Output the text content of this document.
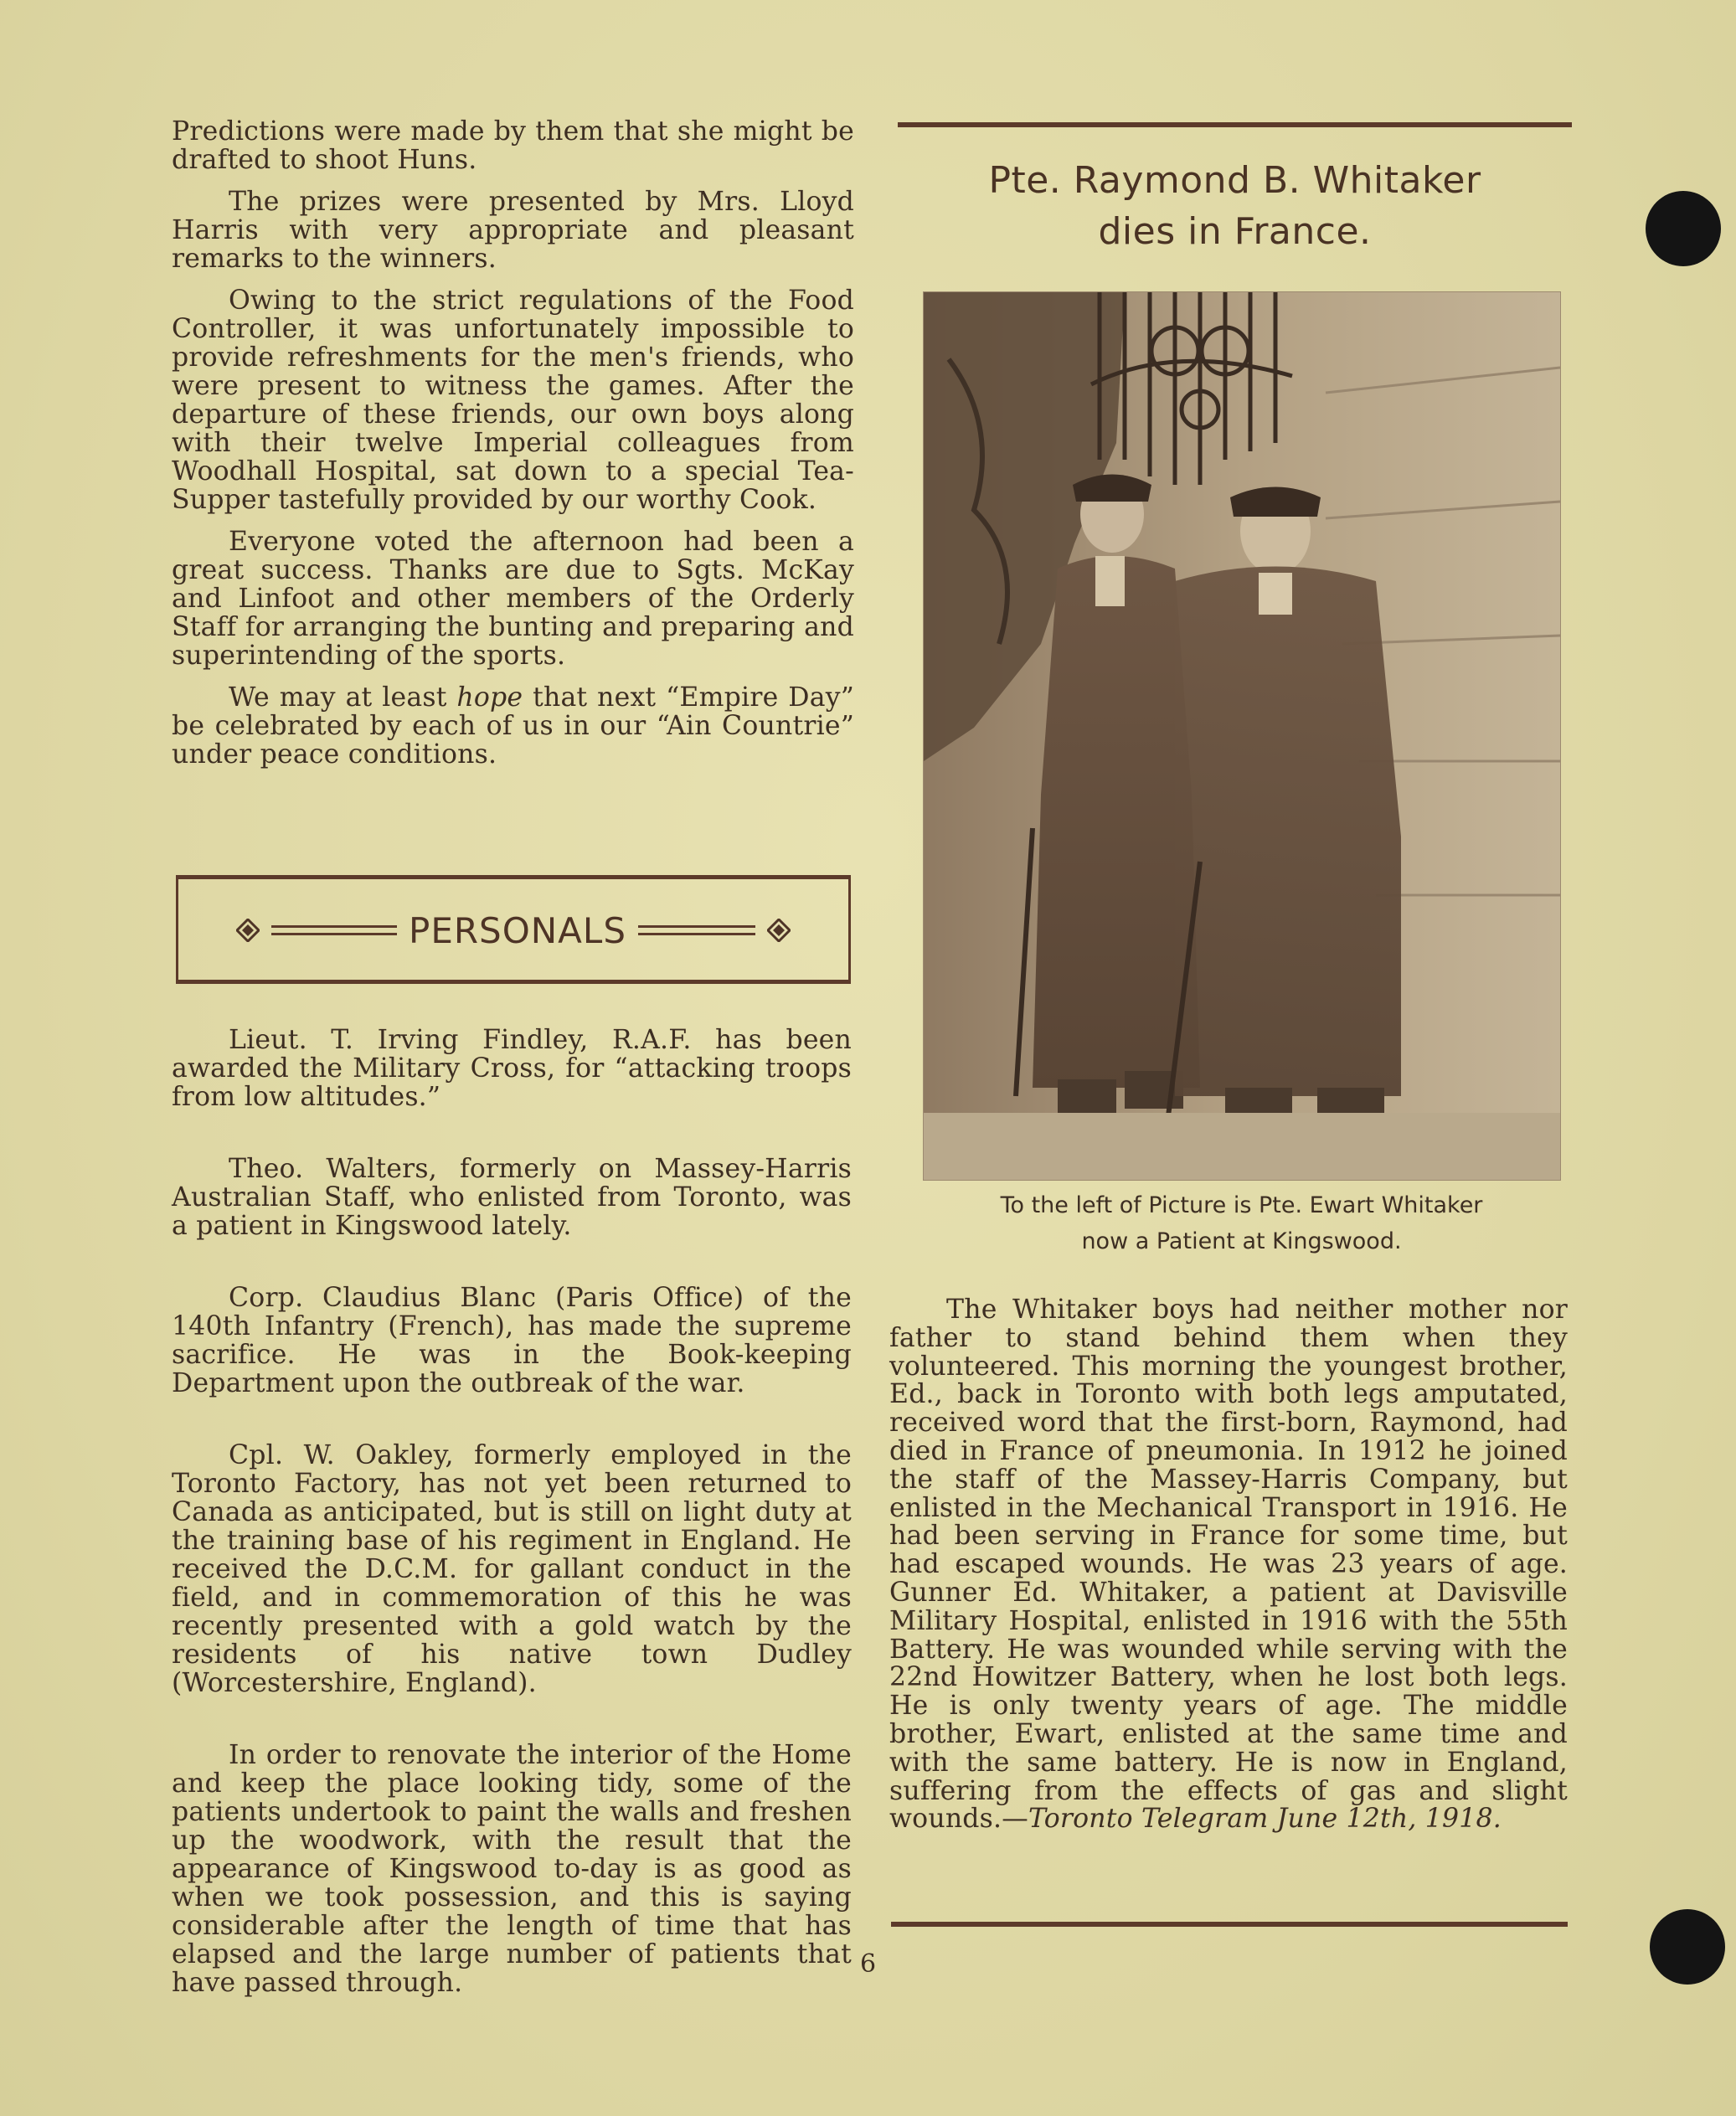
Predictions were made by them that she might be drafted to shoot Huns.

The prizes were presented by Mrs. Lloyd Harris with very appropriate and pleasant remarks to the winners.

Owing to the strict regulations of the Food Controller, it was unfortunately impossible to provide refreshments for the men's friends, who were present to witness the games. After the departure of these friends, our own boys along with their twelve Imperial colleagues from Woodhall Hospital, sat down to a special Tea-Supper tastefully provided by our worthy Cook.

Everyone voted the afternoon had been a great success. Thanks are due to Sgts. McKay and Linfoot and other members of the Orderly Staff for arranging the bunting and preparing and superintending of the sports.

We may at least hope that next “Empire Day” be celebrated by each of us in our “Ain Countrie” under peace conditions.

PERSONALS

Lieut. T. Irving Findley, R.A.F. has been awarded the Military Cross, for “attacking troops from low altitudes.”

Theo. Walters, formerly on Massey-Harris Australian Staff, who enlisted from Toronto, was a patient in Kingswood lately.

Corp. Claudius Blanc (Paris Office) of the 140th Infantry (French), has made the supreme sacrifice. He was in the Book-keeping Department upon the outbreak of the war.

Cpl. W. Oakley, formerly employed in the Toronto Factory, has not yet been returned to Canada as anticipated, but is still on light duty at the training base of his regiment in England. He received the D.C.M. for gallant conduct in the field, and in commemoration of this he was recently presented with a gold watch by the residents of his native town Dudley (Worcestershire, England).

In order to renovate the interior of the Home and keep the place looking tidy, some of the patients undertook to paint the walls and freshen up the woodwork, with the result that the appearance of Kingswood to-day is as good as when we took possession, and this is saying considerable after the length of time that has elapsed and the large number of patients that have passed through.

Pte. Raymond B. Whitaker
dies in France.
To the left of Picture is Pte. Ewart Whitaker
now a Patient at Kingswood.

The Whitaker boys had neither mother nor father to stand behind them when they volunteered. This morning the youngest brother, Ed., back in Toronto with both legs amputated, received word that the first-born, Raymond, had died in France of pneumonia. In 1912 he joined the staff of the Massey-Harris Company, but enlisted in the Mechanical Transport in 1916. He had been serving in France for some time, but had escaped wounds. He was 23 years of age. Gunner Ed. Whitaker, a patient at Davisville Military Hospital, enlisted in 1916 with the 55th Battery. He was wounded while serving with the 22nd Howitzer Battery, when he lost both legs. He is only twenty years of age. The middle brother, Ewart, enlisted at the same time and with the same battery. He is now in England, suffering from the effects of gas and slight wounds.—Toronto Telegram June 12th, 1918.

6
